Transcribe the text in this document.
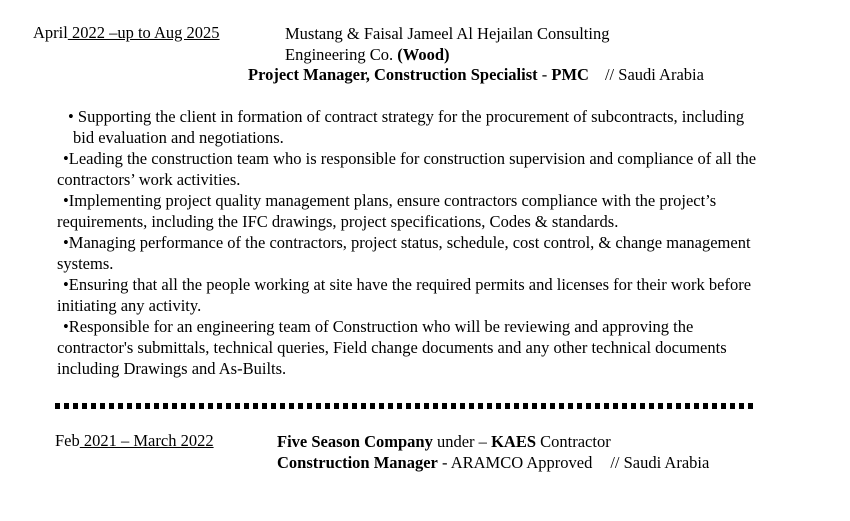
April 2022 –up to Aug 2025	Mustang & Faisal Jameel Al Hejailan Consulting
Engineering Co. (Wood)
Project Manager, Construction Specialist - PMC // Saudi Arabia

• Supporting the client in formation of contract strategy for the procurement of subcontracts, including bid evaluation and negotiations.

•Leading the construction team who is responsible for construction supervision and compliance of all the contractors’ work activities.

•Implementing project quality management plans, ensure contractors compliance with the project’s requirements, including the IFC drawings, project specifications, Codes & standards.

•Managing performance of the contractors, project status, schedule, cost control, & change management systems.

•Ensuring that all the people working at site have the required permits and licenses for their work before initiating any activity.

•Responsible for an engineering team of Construction who will be reviewing and approving the contractor's submittals, technical queries, Field change documents and any other technical documents including Drawings and As-Builts.

Feb 2021 – March 2022	Five Season Company under – KAES Contractor
Construction Manager - ARAMCO Approved // Saudi Arabia
